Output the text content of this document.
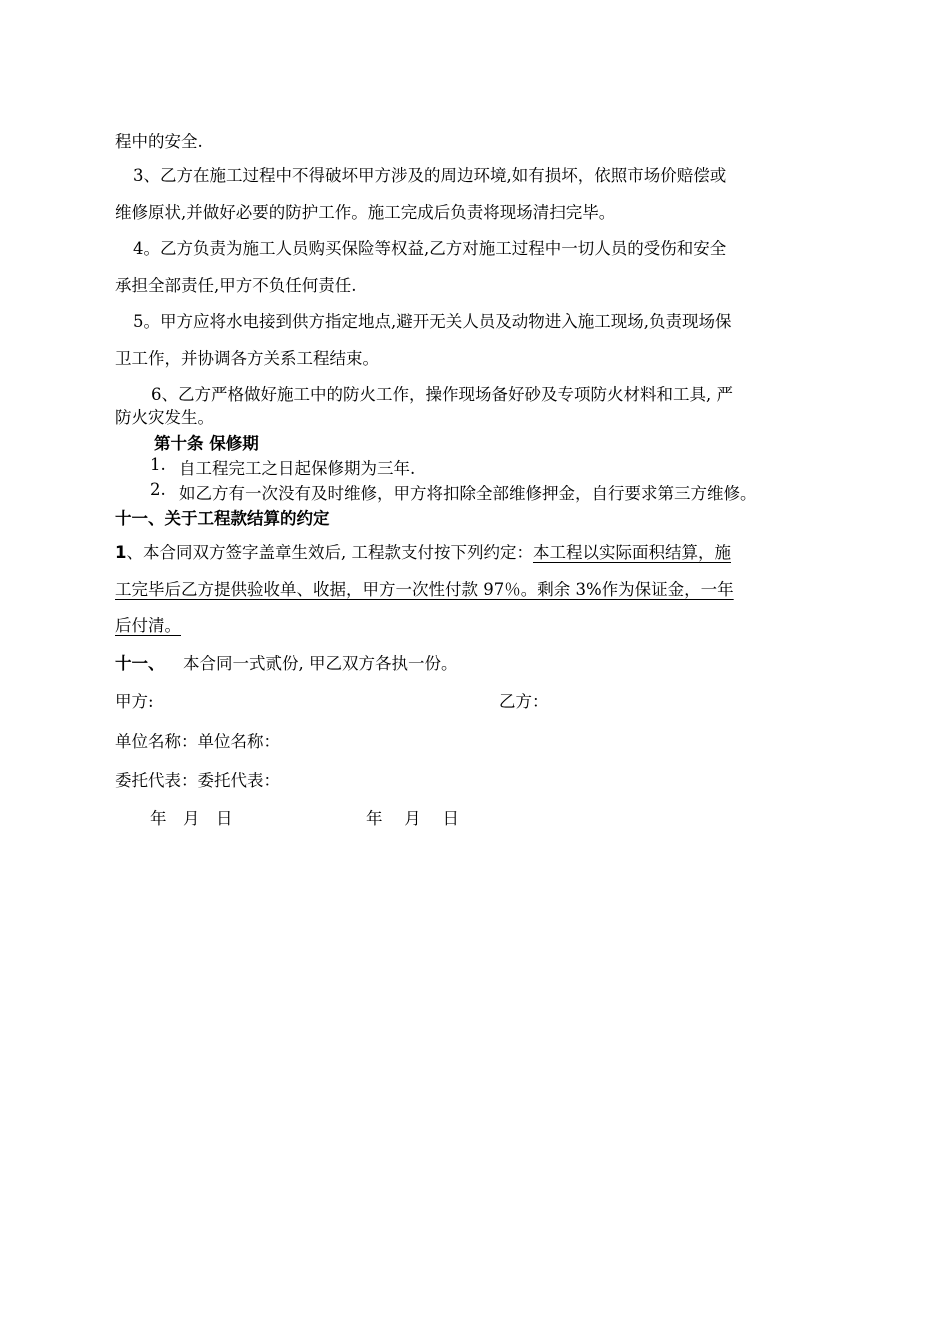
程中的安全.
3、乙方在施工过程中不得破坏甲方涉及的周边环境,如有损坏，依照市场价赔偿或
维修原状,并做好必要的防护工作。施工完成后负责将现场清扫完毕。
4。乙方负责为施工人员购买保险等权益,乙方对施工过程中一切人员的受伤和安全
承担全部责任,甲方不负任何责任.
5。甲方应将水电接到供方指定地点,避开无关人员及动物进入施工现场,负责现场保
卫工作，并协调各方关系工程结束。
6、乙方严格做好施工中的防火工作，操作现场备好砂及专项防火材料和工具, 严
防火灾发生。
第十条 保修期
1. 自工程完工之日起保修期为三年.
2. 如乙方有一次没有及时维修，甲方将扣除全部维修押金，自行要求第三方维修。
十一、关于工程款结算的约定
1、本合同双方签字盖章生效后, 工程款支付按下列约定：本工程以实际面积结算，施
工完毕后乙方提供验收单、收据，甲方一次性付款 97％。剩余 3%作为保证金，一年
后付清。
十一、 本合同一式贰份, 甲乙双方各执一份。
甲方:	乙方：
单位名称：单位名称：
委托代表：委托代表：
年　月　日	年　 月　 日
